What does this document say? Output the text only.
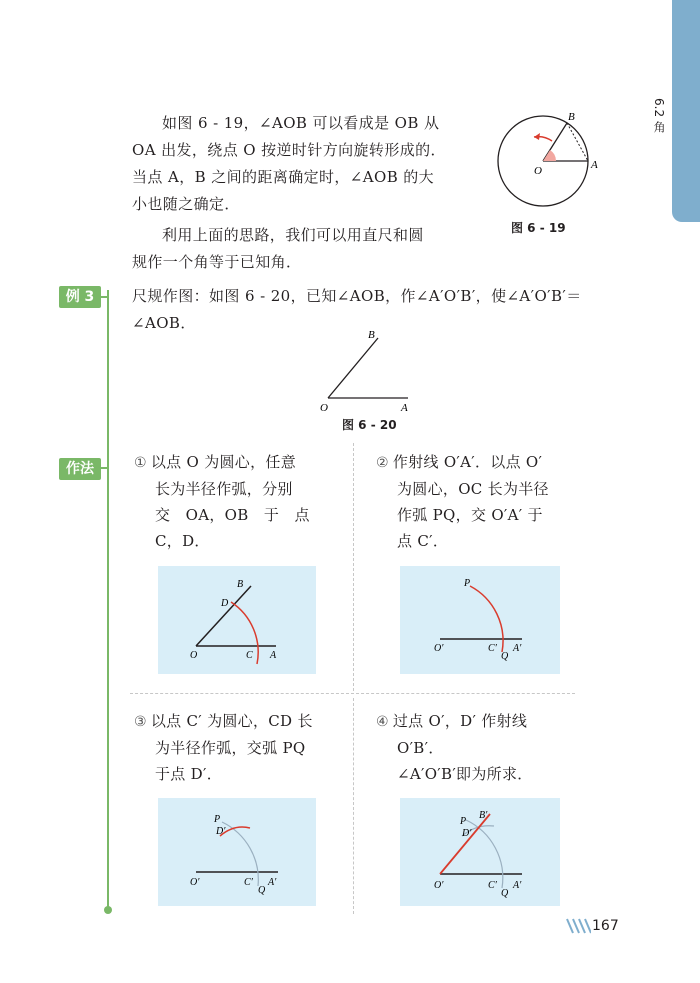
6.2 角
如图 6 - 19，∠AOB 可以看成是 OB 从
OA 出发，绕点 O 按逆时针方向旋转形成的．
当点 A，B 之间的距离确定时，∠AOB 的大
小也随之确定．
利用上面的思路，我们可以用直尺和圆
规作一个角等于已知角．
O	A
B
图 6 - 19
例 3	尺规作图：如图 6 - 20，已知∠AOB，作∠A′O′B′，使∠A′O′B′＝
∠AOB．
O	A
B
图 6 - 20
作法	① 以点 O 为圆心，任意
长为半径作弧，分别
交　OA，OB　于　点
C，D．
O	C A
D
B
② 作射线 O′A′．以点 O′
为圆心，OC 长为半径
作弧 PQ，交 O′A′ 于
点 C′．
P
O′	C′
Q
A′
③ 以点 C′ 为圆心，CD 长
为半径作弧，交弧 PQ
于点 D′．
P
D′
O′	C′
Q
A′
④ 过点 O′，D′ 作射线
O′B′．
∠A′O′B′即为所求．
P
B′
D′
O′	C′
Q
A′
167
